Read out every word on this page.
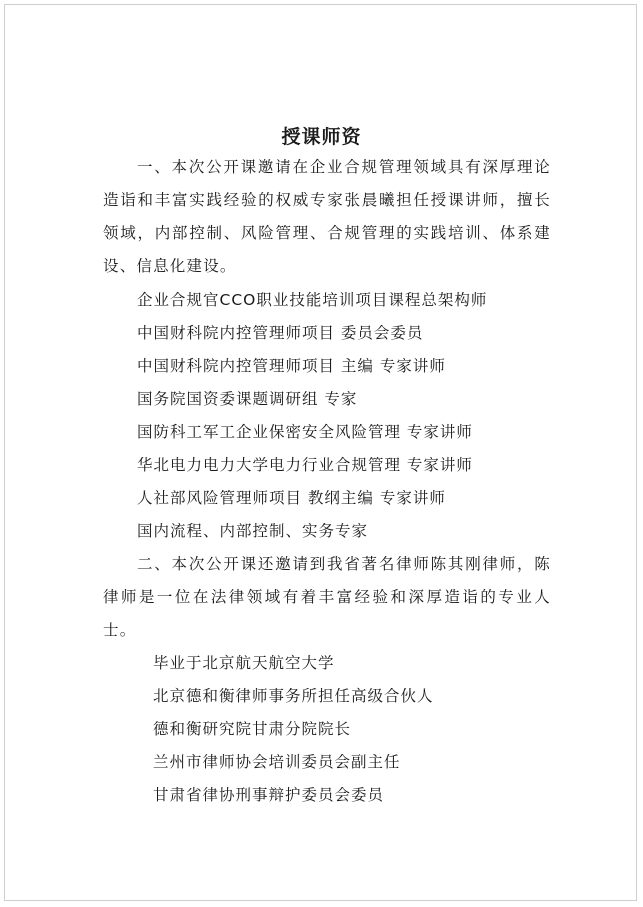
授课师资
一、本次公开课邀请在企业合规管理领域具有深厚理论造诣和丰富实践经验的权威专家张晨曦担任授课讲师，擅长领域，内部控制、风险管理、合规管理的实践培训、体系建设、信息化建设。
企业合规官CCO职业技能培训项目课程总架构师
中国财科院内控管理师项目 委员会委员
中国财科院内控管理师项目 主编 专家讲师
国务院国资委课题调研组 专家
国防科工军工企业保密安全风险管理 专家讲师
华北电力电力大学电力行业合规管理 专家讲师
人社部风险管理师项目 教纲主编 专家讲师
国内流程、内部控制、实务专家
二、本次公开课还邀请到我省著名律师陈其刚律师，陈律师是一位在法律领域有着丰富经验和深厚造诣的专业人士。
毕业于北京航天航空大学
北京德和衡律师事务所担任高级合伙人
德和衡研究院甘肃分院院长
兰州市律师协会培训委员会副主任
甘肃省律协刑事辩护委员会委员
